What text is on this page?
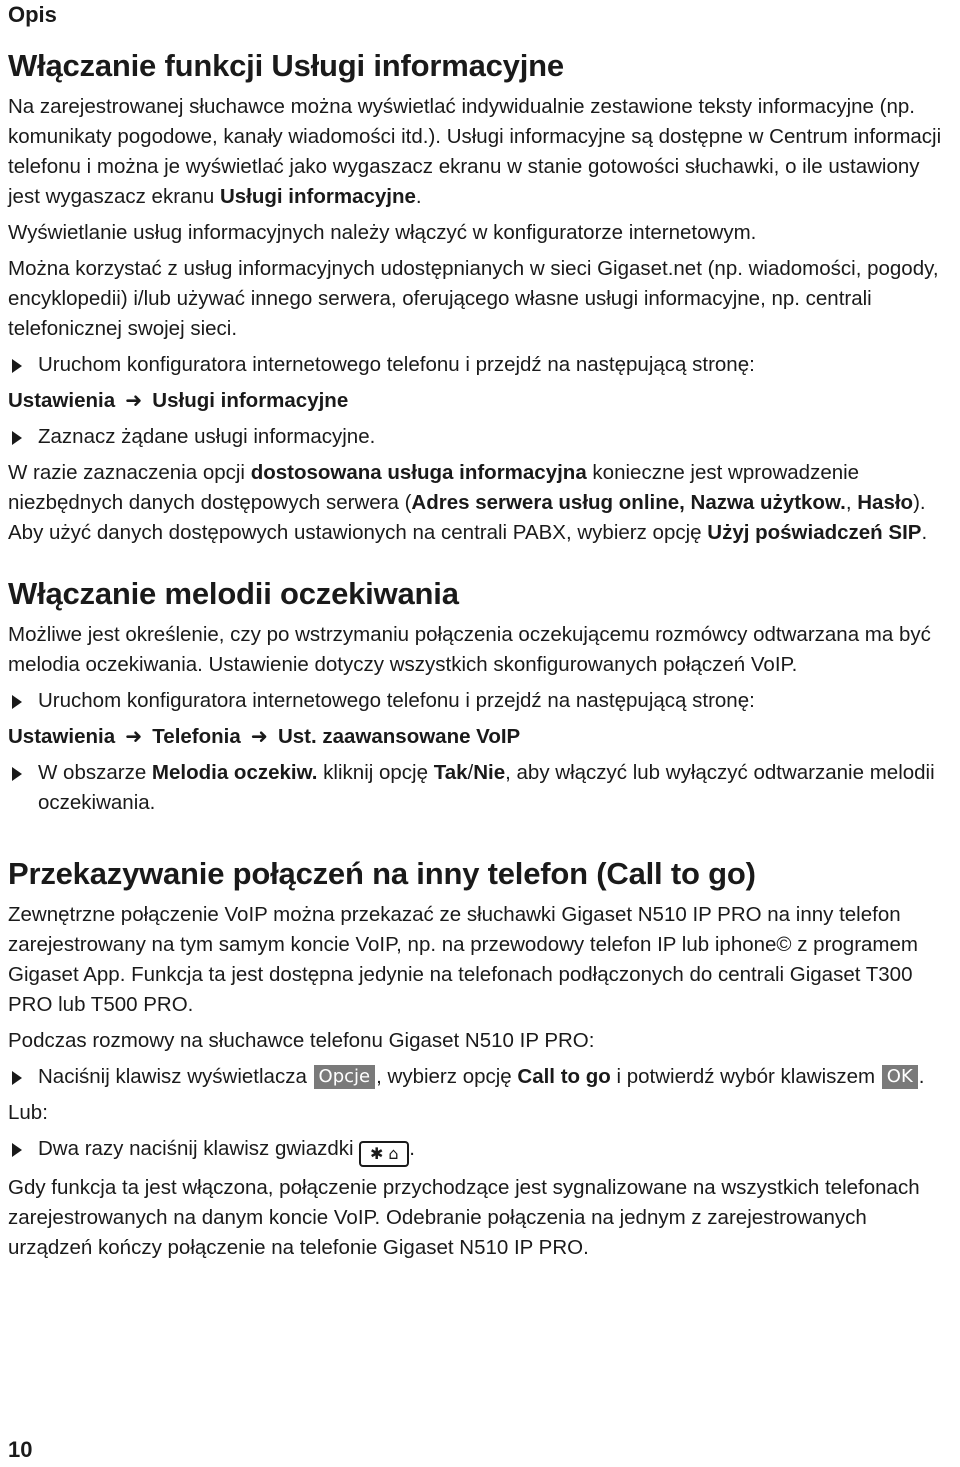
Opis
Włączanie funkcji Usługi informacyjne

Na zarejestrowanej słuchawce można wyświetlać indywidualnie zestawione teksty informacyjne (np. komunikaty pogodowe, kanały wiadomości itd.). Usługi informacyjne są dostępne w Centrum informacji telefonu i można je wyświetlać jako wygaszacz ekranu w stanie gotowości słuchawki, o ile ustawiony jest wygaszacz ekranu Usługi informacyjne.

Wyświetlanie usług informacyjnych należy włączyć w konfiguratorze internetowym.

Można korzystać z usług informacyjnych udostępnianych w sieci Gigaset.net (np. wiadomości, pogody, encyklopedii) i/lub używać innego serwera, oferującego własne usługi informacyjne, np. centrali telefonicznej swojej sieci.

Uruchom konfiguratora internetowego telefonu i przejdź na następującą stronę:
Ustawienia ➜ Usługi informacyjne
Zaznacz żądane usługi informacyjne.

W razie zaznaczenia opcji dostosowana usługa informacyjna konieczne jest wprowadzenie niezbędnych danych dostępowych serwera (Adres serwera usług online, Nazwa użytkow., Hasło). Aby użyć danych dostępowych ustawionych na centrali PABX, wybierz opcję Użyj poświadczeń SIP.

Włączanie melodii oczekiwania

Możliwe jest określenie, czy po wstrzymaniu połączenia oczekującemu rozmówcy odtwarzana ma być melodia oczekiwania. Ustawienie dotyczy wszystkich skonfigurowanych połączeń VoIP.

Uruchom konfiguratora internetowego telefonu i przejdź na następującą stronę:
Ustawienia ➜ Telefonia ➜ Ust. zaawansowane VoIP
W obszarze Melodia oczekiw. kliknij opcję Tak/Nie, aby włączyć lub wyłączyć odtwarzanie melodii oczekiwania.
Przekazywanie połączeń na inny telefon (Call to go)

Zewnętrzne połączenie VoIP można przekazać ze słuchawki Gigaset N510 IP PRO na inny telefon zarejestrowany na tym samym koncie VoIP, np. na przewodowy telefon IP lub iphone© z programem Gigaset App. Funkcja ta jest dostępna jedynie na telefonach podłączonych do centrali Gigaset T300 PRO lub T500 PRO.

Podczas rozmowy na słuchawce telefonu Gigaset N510 IP PRO:

Naciśnij klawisz wyświetlacza Opcje , wybierz opcję Call to go i potwierdź wybór klawiszem OK .

Lub:

Dwa razy naciśnij klawisz gwiazdki ✱ ⌂ .

Gdy funkcja ta jest włączona, połączenie przychodzące jest sygnalizowane na wszystkich telefonach zarejestrowanych na danym koncie VoIP. Odebranie połączenia na jednym z zarejestrowanych urządzeń kończy połączenie na telefonie Gigaset N510 IP PRO.

10
